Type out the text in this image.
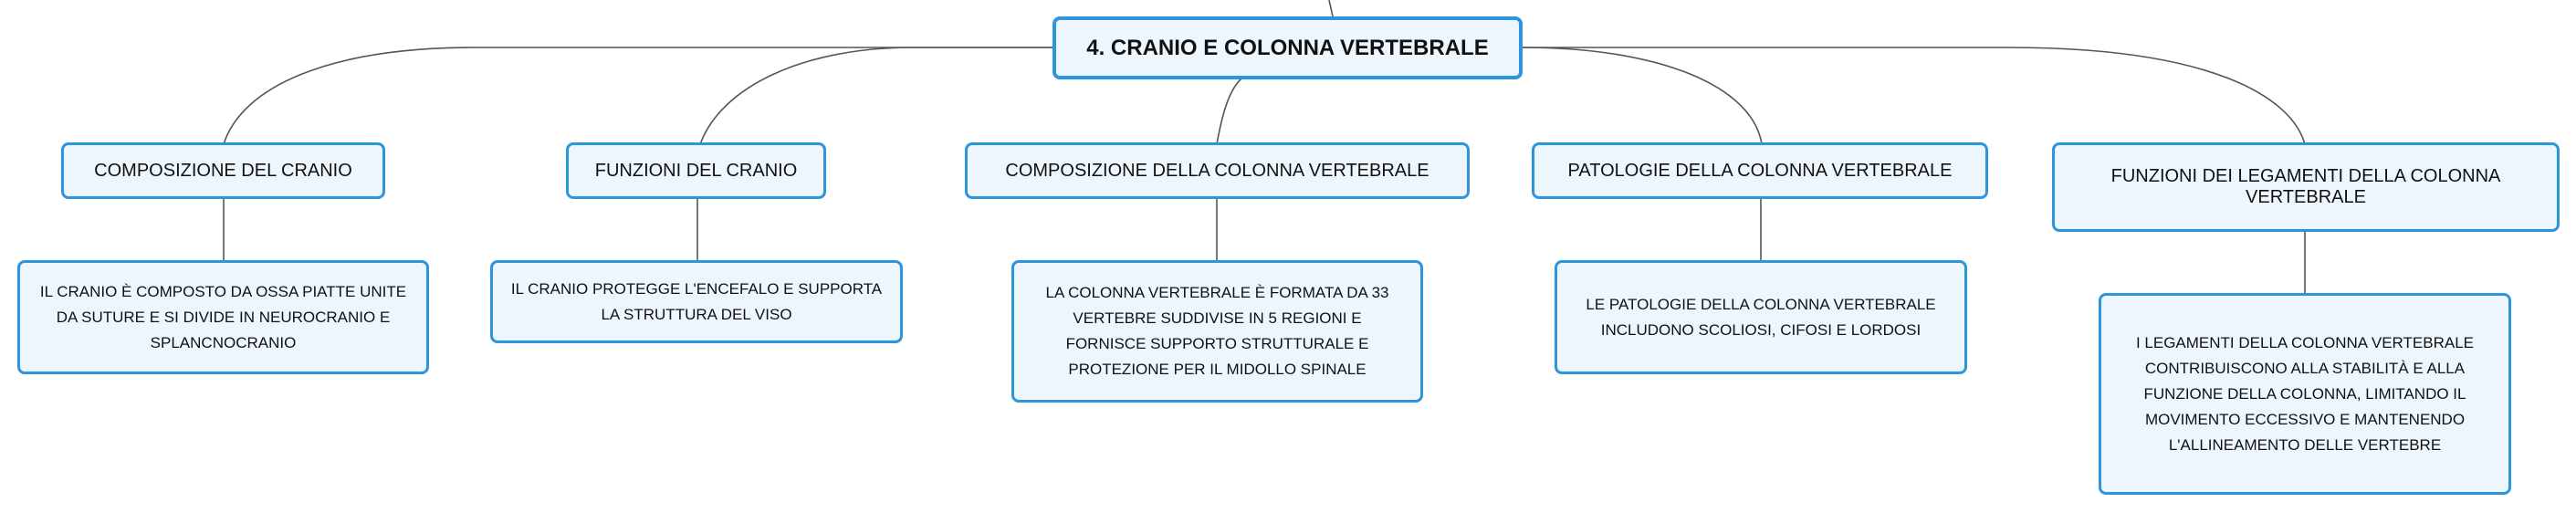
4. CRANIO E COLONNA VERTEBRALE
COMPOSIZIONE DEL CRANIO
IL CRANIO È COMPOSTO DA OSSA PIATTE UNITE DA SUTURE E SI DIVIDE IN NEUROCRANIO E SPLANCNOCRANIO
FUNZIONI DEL CRANIO
IL CRANIO PROTEGGE L'ENCEFALO E SUPPORTA LA STRUTTURA DEL VISO
COMPOSIZIONE DELLA COLONNA VERTEBRALE
LA COLONNA VERTEBRALE È FORMATA DA 33 VERTEBRE SUDDIVISE IN 5 REGIONI E FORNISCE SUPPORTO STRUTTURALE E PROTEZIONE PER IL MIDOLLO SPINALE
PATOLOGIE DELLA COLONNA VERTEBRALE
LE PATOLOGIE DELLA COLONNA VERTEBRALE INCLUDONO SCOLIOSI, CIFOSI E LORDOSI
FUNZIONI DEI LEGAMENTI DELLA COLONNA VERTEBRALE
I LEGAMENTI DELLA COLONNA VERTEBRALE CONTRIBUISCONO ALLA STABILITÀ E ALLA FUNZIONE DELLA COLONNA, LIMITANDO IL MOVIMENTO ECCESSIVO E MANTENENDO L'ALLINEAMENTO DELLE VERTEBRE
